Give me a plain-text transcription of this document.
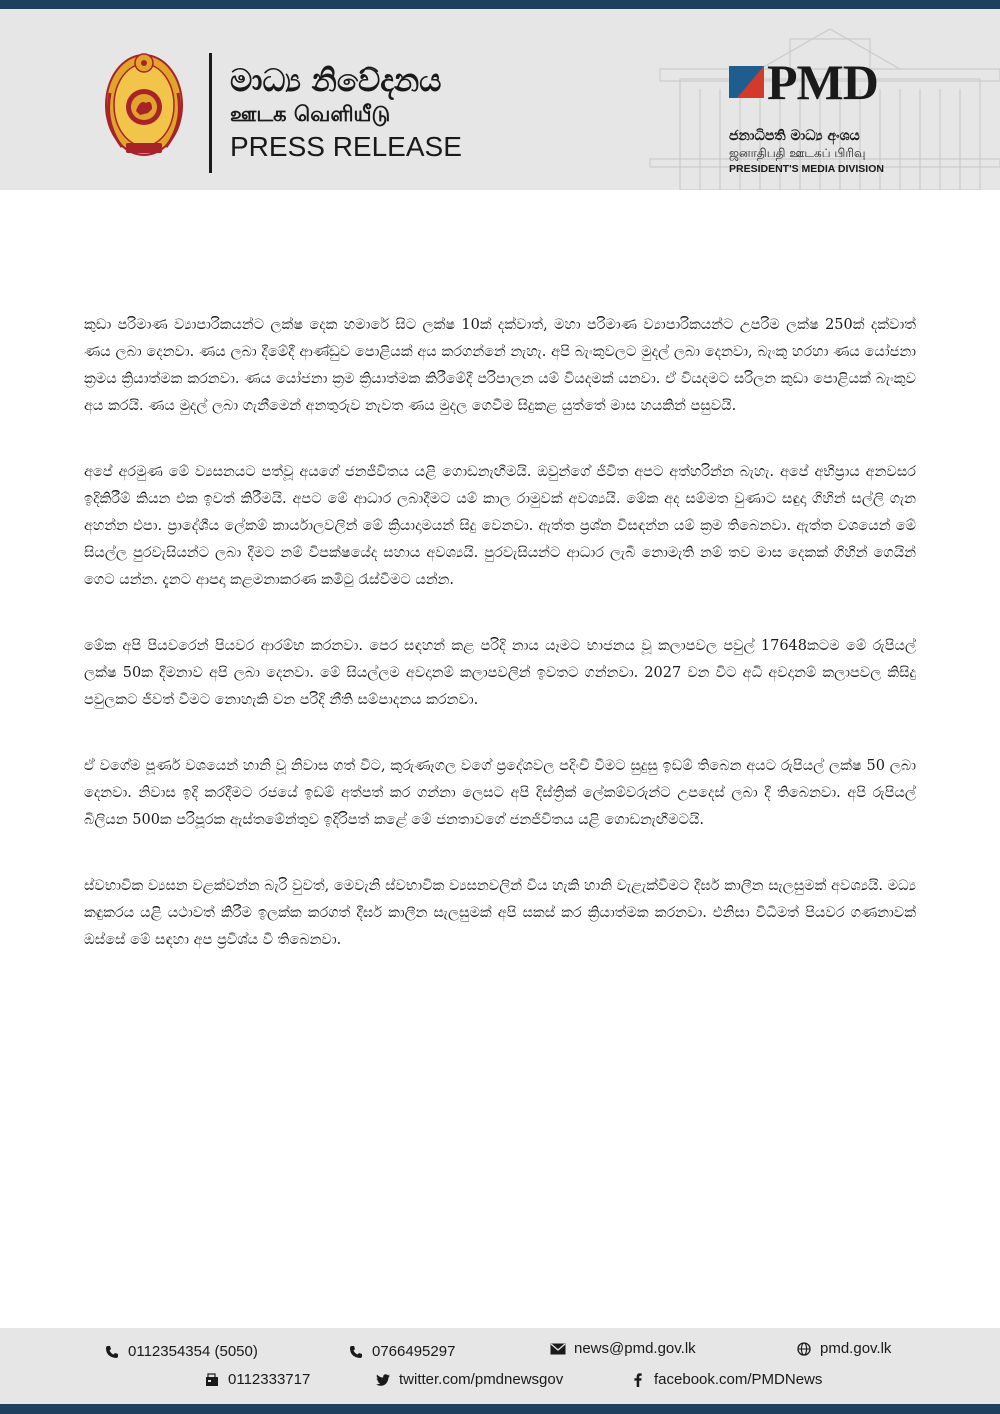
මාධ්‍ය නිවේදනය
ஊடக வெளியீடு
PRESS RELEASE
PMD
ජනාධිපති මාධ්‍ය අංශය
ஜனாதிபதி ஊடகப் பிரிவு
PRESIDENT'S MEDIA DIVISION

කුඩා පරිමාණ ව්‍යාපාරිකයන්ට ලක්ෂ දෙක හමාරේ සිට ලක්ෂ 10ක් දක්වාත්, මහා පරිමාණ ව්‍යාපාරිකයන්ට උපරිම ලක්ෂ 250ක් දක්වාත් ණය ලබා දෙනවා. ණය ලබා දීමේදී ආණ්ඩුව පොළියක් අය කරගන්නේ නැහැ. අපි බැංකුවලට මුදල් ලබා දෙනවා, බැංකු හරහා ණය යෝජනා ක්‍රමය ක්‍රියාත්මක කරනවා. ණය යෝජනා ක්‍රම ක්‍රියාත්මක කිරීමේදී පරිපාලන යම් වියදමක් යනවා. ඒ වියදමට සරිලන කුඩා පොළියක් බැංකුව අය කරයි. ණය මුදල් ලබා ගැනීමෙන් අනතුරුව නැවත ණය මුදල ගෙවීම සිදුකළ යුත්තේ මාස හයකින් පසුවයි.

අපේ අරමුණ මේ ව්‍යසනයට පත්වූ අයගේ ජනජීවිතය යළි ගොඩනැඟීමයි. ඔවුන්ගේ ජීවිත අපට අත්හරින්න බැහැ. අපේ අභිප්‍රාය අනවසර ඉදිකිරීම් කියන එක ඉවත් කිරීමයි. අපට මේ ආධාර ලබාදීමට යම් කාල රාමුවක් අවශ්‍යයි. මේක අද සම්මත වුණාට සඳුදා ගිහින් සල්ලි ගැන අහන්න එපා. ප්‍රාදේශීය ලේකම් කාර්යාලවලින් මේ ක්‍රියාදාමයන් සිදු වෙනවා. ඇත්ත ප්‍රශ්න විසඳන්න යම් ක්‍රම තිබෙනවා. ඇත්ත වශයෙන් මේ සියල්ල පුරවැසියන්ට ලබා දීමට නම් විපක්ෂයේද සහාය අවශ්‍යයි. පුරවැසියන්ට ආධාර ලැබී නොමැති නම් තව මාස දෙකක් ගිහින් ගෙයින් ගෙට යන්න. දැනට ආපදා කළමනාකරණ කමිටු රැස්වීමට යන්න.

මේක අපි පියවරෙන් පියවර ආරම්භ කරනවා. පෙර සඳහන් කළ පරිදි නාය යෑමට භාජනය වූ කලාපවල පවුල් 17648කටම මේ රුපියල් ලක්ෂ 50ක දීමනාව අපි ලබා දෙනවා. මේ සියල්ලම අවදානම් කලාපවලින් ඉවතට ගන්නවා. 2027 වන විට අධි අවදානම් කලාපවල කිසිදු පවුලකට ජීවත් වීමට නොහැකි වන පරිදි නීති සම්පාදනය කරනවා.

ඒ වගේම පූර්ණ වශයෙන් හානි වූ නිවාස ගත් විට, කුරුණෑගල වගේ ප්‍රදේශවල පදිංචි වීමට සුදුසු ඉඩම් තිබෙන අයට රුපියල් ලක්ෂ 50 ලබා දෙනවා. නිවාස ඉදි කරදීමට රජයේ ඉඩම් අත්පත් කර ගන්නා ලෙසට අපි දිස්ත්‍රික් ලේකම්වරුන්ට උපදෙස් ලබා දී තිබෙනවා. අපි රුපියල් බිලියන 500ක පරිපූරක ඇස්තමේන්තුව ඉදිරිපත් කළේ මේ ජනතාවගේ ජනජීවිතය යළි ගොඩනැඟීමටයි.

ස්වභාවික ව්‍යසන වළක්වන්න බැරි වුවත්, මෙවැනි ස්වභාවික ව්‍යසනවලින් විය හැකි හානි වැළැක්වීමට දීර්ඝ කාලීන සැලසුමක් අවශ්‍යයි. මධ්‍ය කඳුකරය යළි යථාවත් කිරීම ඉලක්ක කරගත් දීර්ඝ කාලීන සැලසුමක් අපි සකස් කර ක්‍රියාත්මක කරනවා. එනිසා විධිමත් පියවර ගණනාවක් ඔස්සේ මේ සඳහා අප ප්‍රවිශ්ය වී තිබෙනවා.

0112354354 (5050)	0766495297	news@pmd.gov.lk	pmd.gov.lk
0112333717	twitter.com/pmdnewsgov	facebook.com/PMDNews
